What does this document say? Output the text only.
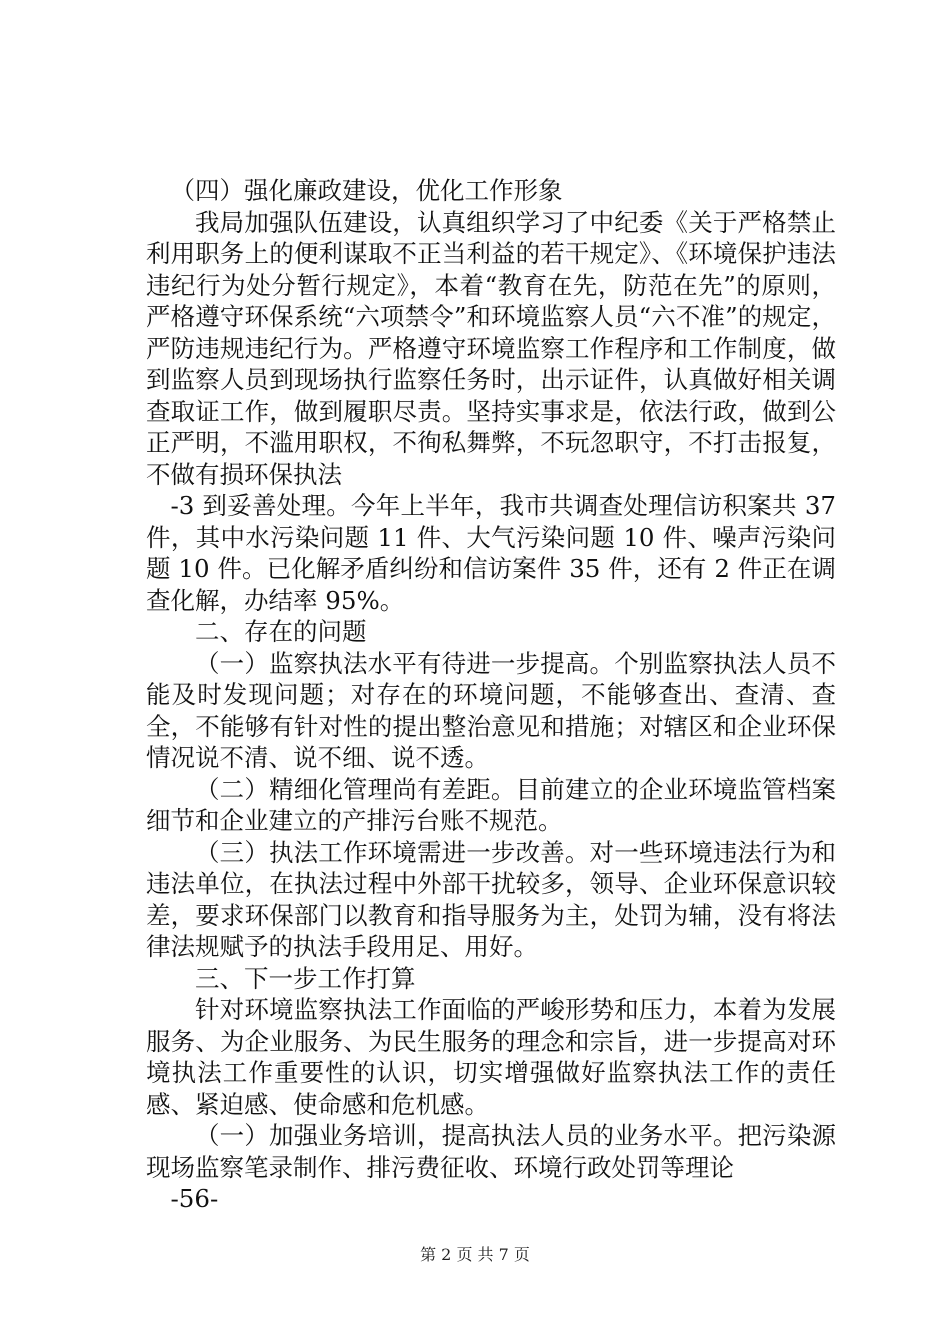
（四）强化廉政建设，优化工作形象

我局加强队伍建设，认真组织学习了中纪委《关于严格禁止利用职务上的便利谋取不正当利益的若干规定》、《环境保护违法违纪行为处分暂行规定》，本着“教育在先，防范在先”的原则，严格遵守环保系统“六项禁令”和环境监察人员“六不准”的规定，严防违规违纪行为。严格遵守环境监察工作程序和工作制度，做到监察人员到现场执行监察任务时，出示证件，认真做好相关调查取证工作，做到履职尽责。坚持实事求是，依法行政，做到公正严明，不滥用职权，不徇私舞弊，不玩忽职守，不打击报复，不做有损环保执法

-3 到妥善处理。今年上半年，我市共调查处理信访积案共 37 件，其中水污染问题 11 件、大气污染问题 10 件、噪声污染问题 10 件。已化解矛盾纠纷和信访案件 35 件，还有 2 件正在调查化解，办结率 95%。

二、存在的问题

（一）监察执法水平有待进一步提高。个别监察执法人员不能及时发现问题；对存在的环境问题，不能够查出、查清、查全，不能够有针对性的提出整治意见和措施；对辖区和企业环保情况说不清、说不细、说不透。

（二）精细化管理尚有差距。目前建立的企业环境监管档案细节和企业建立的产排污台账不规范。

（三）执法工作环境需进一步改善。对一些环境违法行为和违法单位，在执法过程中外部干扰较多，领导、企业环保意识较差，要求环保部门以教育和指导服务为主，处罚为辅，没有将法律法规赋予的执法手段用足、用好。

三、下一步工作打算

针对环境监察执法工作面临的严峻形势和压力，本着为发展服务、为企业服务、为民生服务的理念和宗旨，进一步提高对环境执法工作重要性的认识，切实增强做好监察执法工作的责任感、紧迫感、使命感和危机感。

（一）加强业务培训，提高执法人员的业务水平。把污染源现场监察笔录制作、排污费征收、环境行政处罚等理论

-56-

第 2 页 共 7 页
